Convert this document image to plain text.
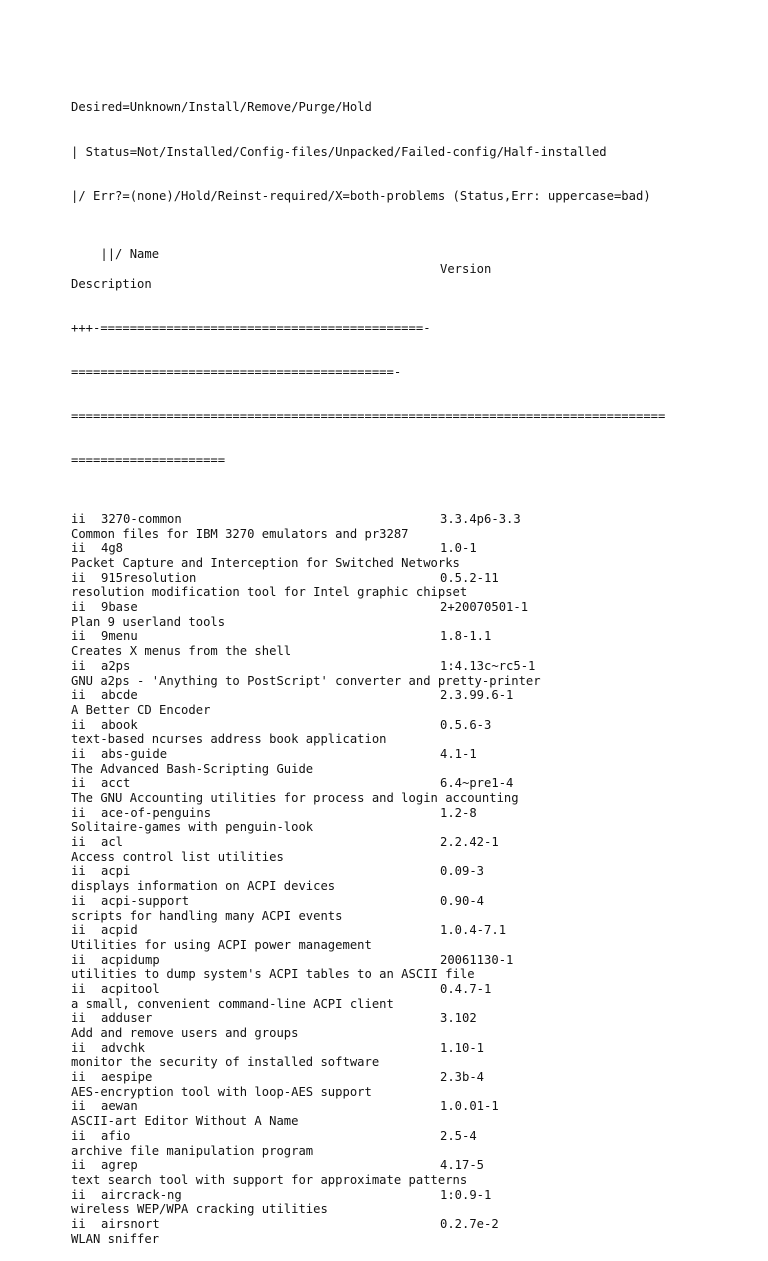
Desired=Unknown/Install/Remove/Purge/Hold

| Status=Not/Installed/Config-files/Unpacked/Failed-config/Half-installed

|/ Err?=(none)/Hold/Reinst-required/X=both-problems (Status,Err: uppercase=bad)

||/ Name

Version

Description

+++-============================================-

============================================-

=================================================================================

=====================

ii 3270-common	3.3.4p6-3.3
Common files for IBM 3270 emulators and pr3287
ii 4g8	1.0-1
Packet Capture and Interception for Switched Networks
ii 915resolution	0.5.2-11
resolution modification tool for Intel graphic chipset
ii 9base	2+20070501-1
Plan 9 userland tools
ii 9menu	1.8-1.1
Creates X menus from the shell
ii a2ps	1:4.13c~rc5-1
GNU a2ps - 'Anything to PostScript' converter and pretty-printer
ii abcde	2.3.99.6-1
A Better CD Encoder
ii abook	0.5.6-3
text-based ncurses address book application
ii abs-guide	4.1-1
The Advanced Bash-Scripting Guide
ii acct	6.4~pre1-4
The GNU Accounting utilities for process and login accounting
ii ace-of-penguins	1.2-8
Solitaire-games with penguin-look
ii acl	2.2.42-1
Access control list utilities
ii acpi	0.09-3
displays information on ACPI devices
ii acpi-support	0.90-4
scripts for handling many ACPI events
ii acpid	1.0.4-7.1
Utilities for using ACPI power management
ii acpidump	20061130-1
utilities to dump system's ACPI tables to an ASCII file
ii acpitool	0.4.7-1
a small, convenient command-line ACPI client
ii adduser	3.102
Add and remove users and groups
ii advchk	1.10-1
monitor the security of installed software
ii aespipe	2.3b-4
AES-encryption tool with loop-AES support
ii aewan	1.0.01-1
ASCII-art Editor Without A Name
ii afio	2.5-4
archive file manipulation program
ii agrep	4.17-5
text search tool with support for approximate patterns
ii aircrack-ng	1:0.9-1
wireless WEP/WPA cracking utilities
ii airsnort	0.2.7e-2
WLAN sniffer
